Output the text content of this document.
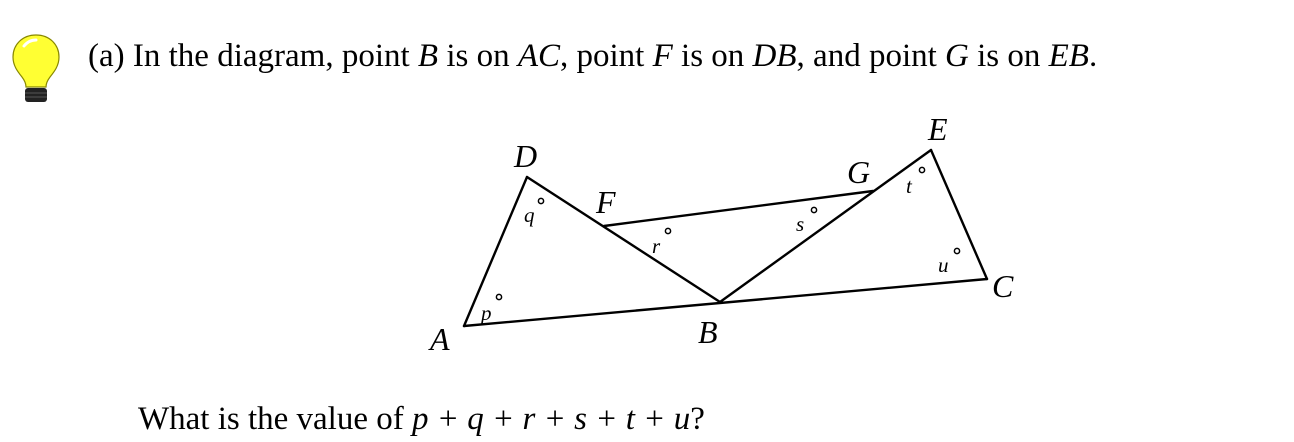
(a) In the diagram, point B is on AC, point F is on DB, and point G is on EB.
A	B
C
D
E
F
G
p
q
r
s
t
u
What is the value of p + q + r + s + t + u?
